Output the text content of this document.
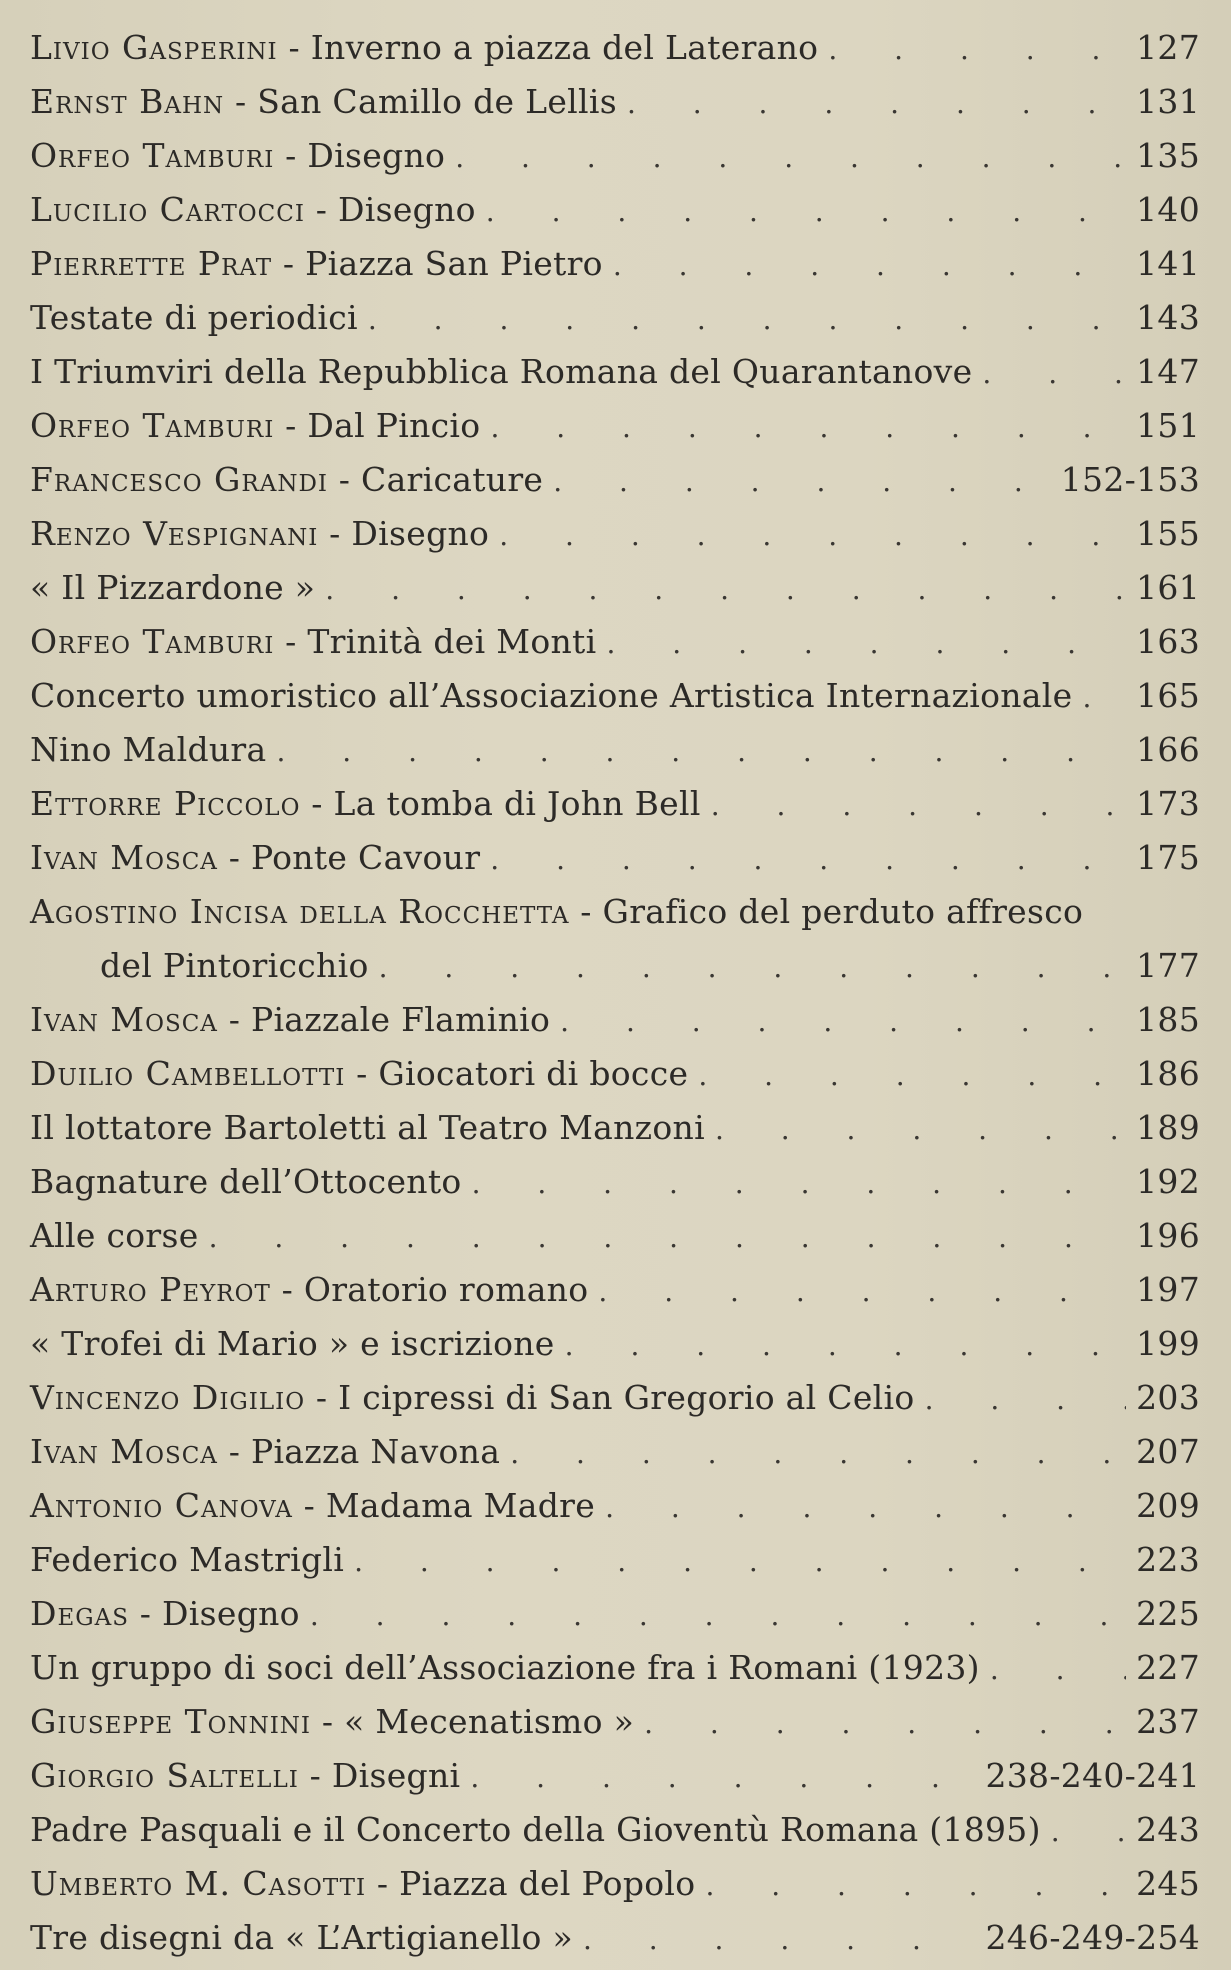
Livio Gasperini - Inverno a piazza del Laterano . . .	127
Ernst Bahn - San Camillo de Lellis . . .	131
Orfeo Tamburi - Disegno . . .	135
Lucilio Cartocci - Disegno . . .	140
Pierrette Prat - Piazza San Pietro . . .	141
Testate di periodici . . .	143
I Triumviri della Repubblica Romana del Quarantanove . . .	147
Orfeo Tamburi - Dal Pincio . . .	151
Francesco Grandi - Caricature . . .	152-153
Renzo Vespignani - Disegno . . .	155
« Il Pizzardone » . . .	161
Orfeo Tamburi - Trinità dei Monti . . .	163
Concerto umoristico all’Associazione Artistica Internazionale . . . 165
Nino Maldura . . .	166
Ettorre Piccolo - La tomba di John Bell . . .	173
Ivan Mosca - Ponte Cavour . . .	175
Agostino Incisa della Rocchetta - Grafico del perduto affresco
del Pintoricchio . . .	177
Ivan Mosca - Piazzale Flaminio . . .	185
Duilio Cambellotti - Giocatori di bocce . . .	186
Il lottatore Bartoletti al Teatro Manzoni . . .	189
Bagnature dell’Ottocento . . .	192
Alle corse . . .	196
Arturo Peyrot - Oratorio romano . . .	197
« Trofei di Mario » e iscrizione . . .	199
Vincenzo Digilio - I cipressi di San Gregorio al Celio . . .	203
Ivan Mosca - Piazza Navona . . .	207
Antonio Canova - Madama Madre . . .	209
Federico Mastrigli . . .	223
Degas - Disegno . . .	225
Un gruppo di soci dell’Associazione fra i Romani (1923) . . .	227
Giuseppe Tonnini - « Mecenatismo » . . .	237
Giorgio Saltelli - Disegni . . .	238-240-241
Padre Pasquali e il Concerto della Gioventù Romana (1895) . . .	243
Umberto M. Casotti - Piazza del Popolo . . .	245
Tre disegni da « L’Artigianello » . . .	246-249-254
